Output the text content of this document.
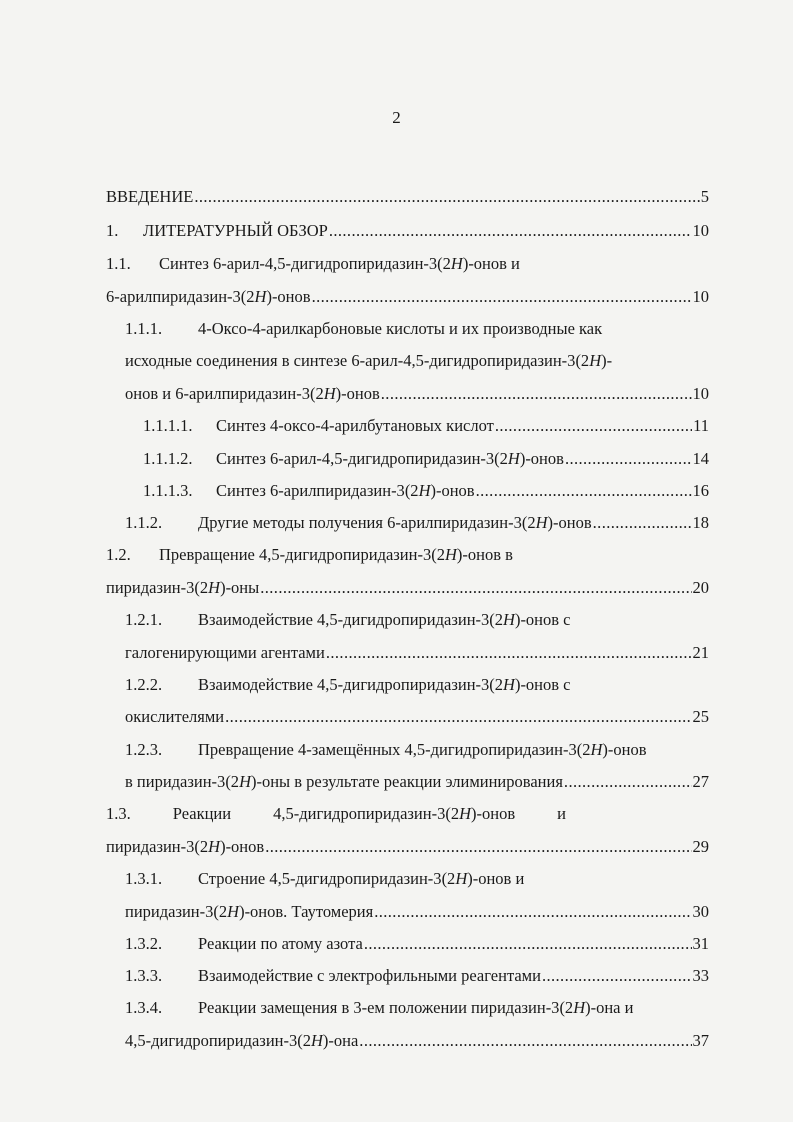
2
ВВЕДЕНИЕ .....	5
1.	ЛИТЕРАТУРНЫЙ ОБЗОР .....	10
1.1.	Синтез 6-арил-4,5-дигидропиридазин-3(2H)-онов и
6-арилпиридазин-3(2H)-онов .....	10
1.1.1.	4-Оксо-4-арилкарбоновые кислоты и их производные как
исходные соединения в синтезе 6-арил-4,5-дигидропиридазин-3(2H)-
онов и 6-арилпиридазин-3(2H)-онов .....	10
1.1.1.1.	Синтез 4-оксо-4-арилбутановых кислот .....	11
1.1.1.2.	Синтез 6-арил-4,5-дигидропиридазин-3(2H)-онов .....	14
1.1.1.3.	Синтез 6-арилпиридазин-3(2H)-онов .....	16
1.1.2.	Другие методы получения 6-арилпиридазин-3(2H)-онов .....	18
1.2.	Превращение 4,5-дигидропиридазин-3(2H)-онов в
пиридазин-3(2H)-оны .....	20
1.2.1.	Взаимодействие 4,5-дигидропиридазин-3(2H)-онов с
галогенирующими агентами .....	21
1.2.2.	Взаимодействие 4,5-дигидропиридазин-3(2H)-онов с
окислителями .....	25
1.2.3.	Превращение 4-замещённых 4,5-дигидропиридазин-3(2H)-онов
в пиридазин-3(2H)-оны в результате реакции элиминирования .....	27
1.3.	Реакции	4,5-дигидропиридазин-3(2H)-онов	и
пиридазин-3(2H)-онов .....	29
1.3.1.	Строение 4,5-дигидропиридазин-3(2H)-онов и
пиридазин-3(2H)-онов. Таутомерия .....	30
1.3.2.	Реакции по атому азота .....	31
1.3.3.	Взаимодействие с электрофильными реагентами .....	33
1.3.4.	Реакции замещения в 3-ем положении пиридазин-3(2H)-она и
4,5-дигидропиридазин-3(2H)-она .....	37
